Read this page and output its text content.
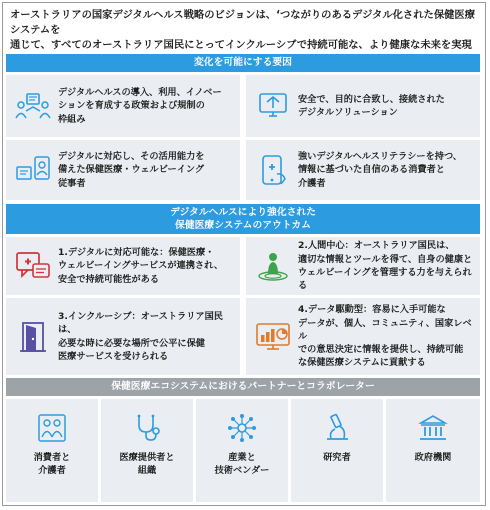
オーストラリアの国家デジタルヘルス戦略のビジョンは、‘つながりのあるデジタル化された保健医療システムを
通じて、すべてのオーストラリア国民にとってインクルーシブで持続可能な、より健康な未来を実現
変化を可能にする要因
デジタルヘルスの導入、利用、イノベー
ションを育成する政策および規制の
枠組み
安全で、目的に合致し、接続された
デジタルソリューション
デジタルに対応し、その活用能力を
備えた保健医療・ウェルビーイング
従事者
強いデジタルヘルスリテラシーを持つ、
情報に基づいた自信のある消費者と
介護者
デジタルヘルスにより強化された
保健医療システムのアウトカム
1.デジタルに対応可能な：保健医療・
ウェルビーイングサービスが連携され、
安全で持続可能性がある
2.人間中心：オーストラリア国民は、
適切な情報とツールを得て、自身の健康と
ウェルビーイングを管理する力を与えられる
3.インクルーシブ：オーストラリア国民は、
必要な時に必要な場所で公平に保健
医療サービスを受けられる
4.データ駆動型：容易に入手可能な
データが、個人、コミュニティ、国家レベル
での意思決定に情報を提供し、持続可能
な保健医療システムに貢献する
保健医療エコシステムにおけるパートナーとコラボレーター
消費者と
介護者
医療提供者と
組織
産業と
技術ベンダー
研究者	政府機関
